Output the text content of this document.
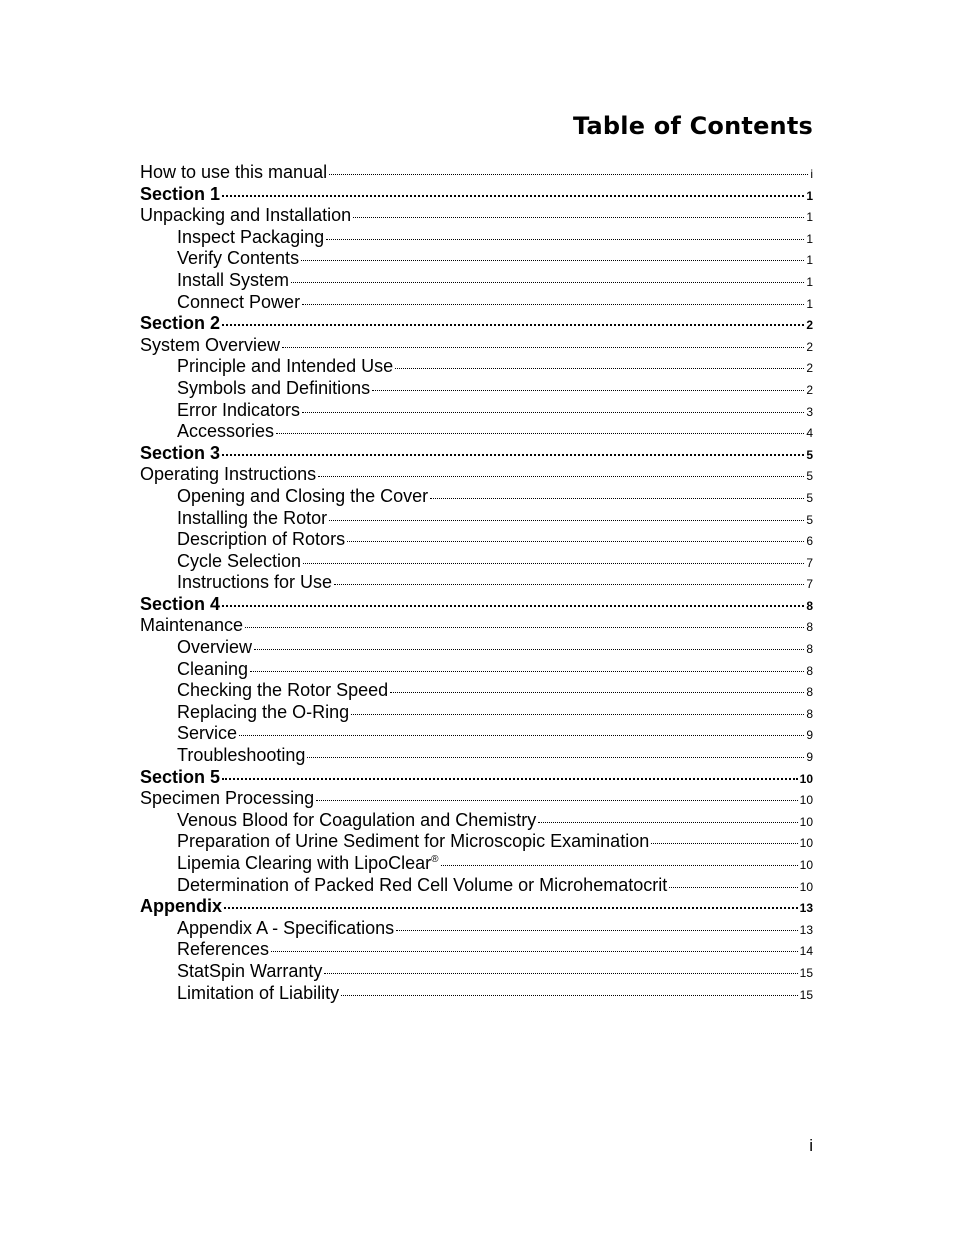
Table of Contents
How to use this manual	i
Section 1	1
Unpacking and Installation	1
Inspect Packaging	1
Verify Contents	1
Install System	1
Connect Power	1
Section 2	2
System Overview	2
Principle and Intended Use	2
Symbols and Definitions	2
Error Indicators	3
Accessories	4
Section 3	5
Operating Instructions	5
Opening and Closing the Cover	5
Installing the Rotor	5
Description of Rotors	6
Cycle Selection	7
Instructions for Use	7
Section 4	8
Maintenance	8
Overview	8
Cleaning	8
Checking the Rotor Speed	8
Replacing the O-Ring	8
Service	9
Troubleshooting	9
Section 5	10
Specimen Processing	10
Venous Blood for Coagulation and Chemistry	10
Preparation of Urine Sediment for Microscopic Examination	10
Lipemia Clearing with LipoClear®	10
Determination of Packed Red Cell Volume or Microhematocrit	10
Appendix	13
Appendix A - Specifications	13
References	14
StatSpin Warranty	15
Limitation of Liability	15
i
